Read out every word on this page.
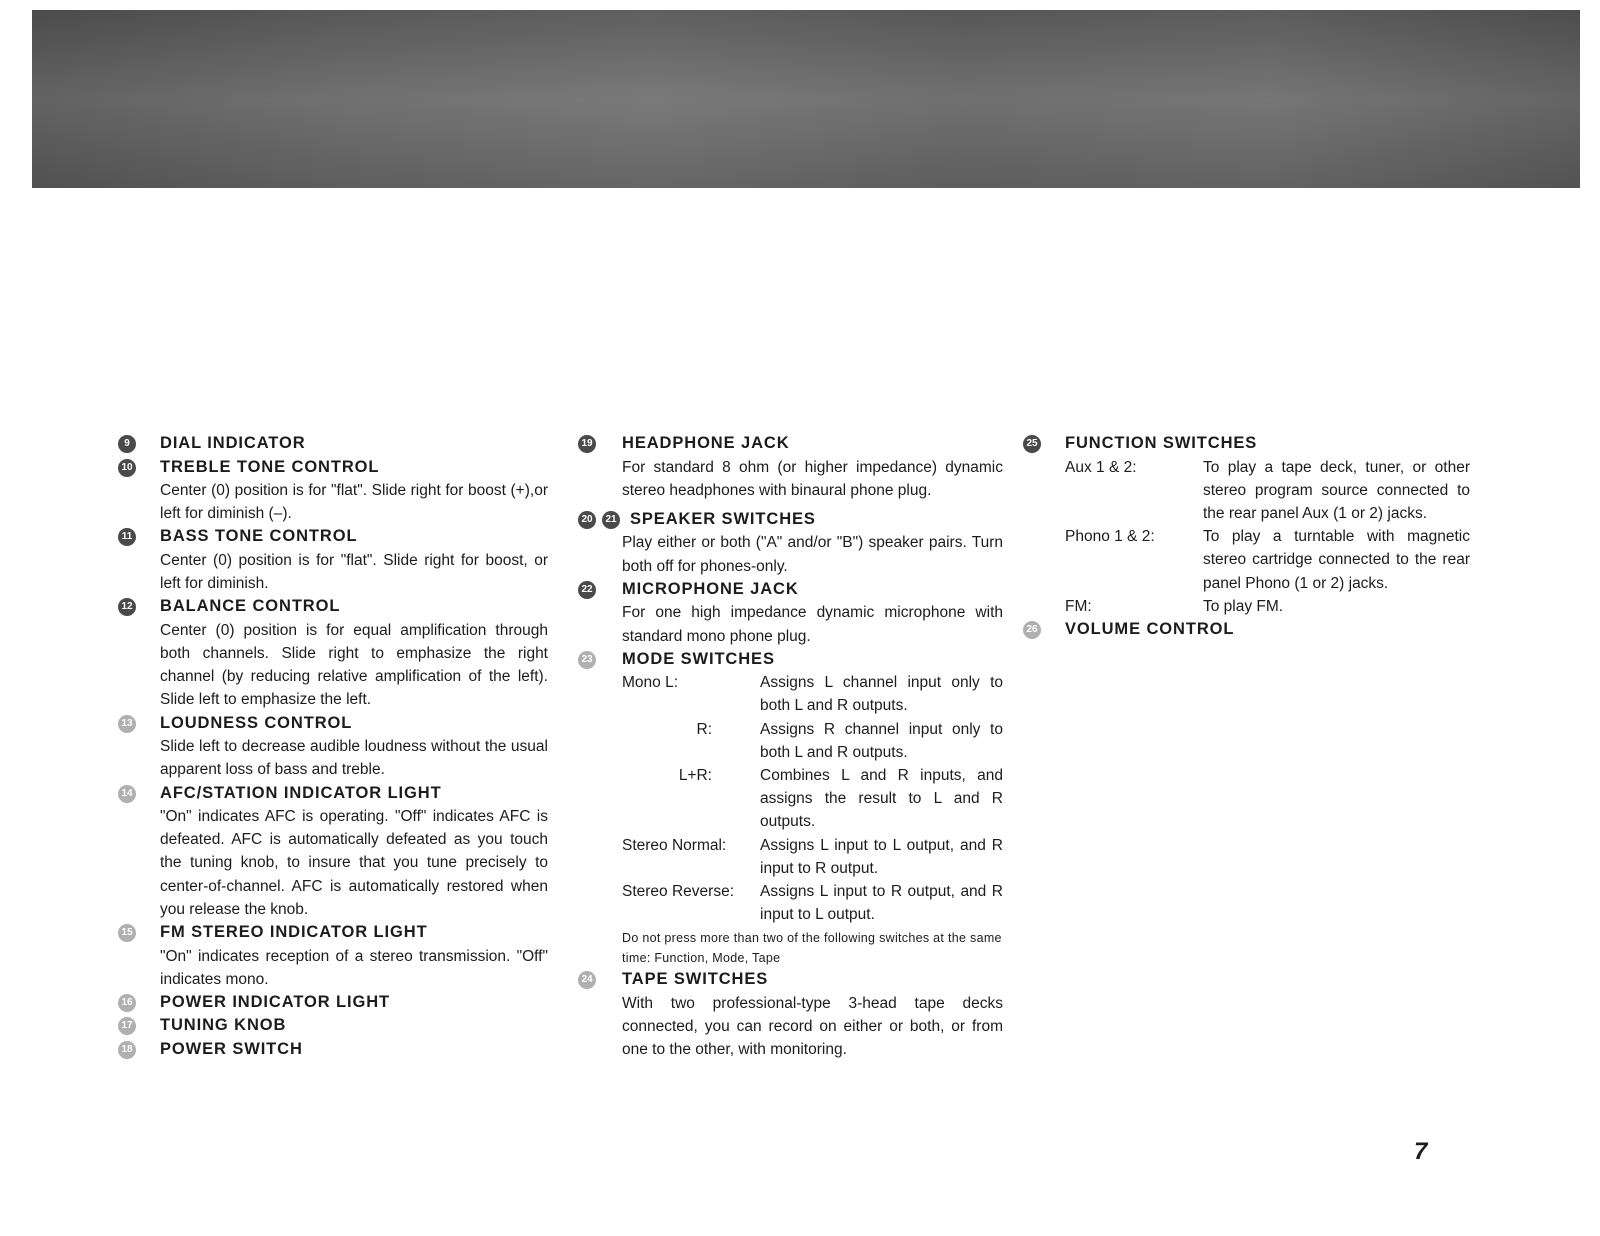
9	DIAL INDICATOR
10 TREBLE TONE CONTROL
Center (0) position is for "flat". Slide right for boost (+),or left for diminish (–).
11 BASS TONE CONTROL
Center (0) position is for "flat". Slide right for boost, or left for diminish.
12 BALANCE CONTROL
Center (0) position is for equal amplification through both channels. Slide right to emphasize the right channel (by reducing relative amplification of the left). Slide left to emphasize the left.
13 LOUDNESS CONTROL
Slide left to decrease audible loudness without the usual apparent loss of bass and treble.
14 AFC/STATION INDICATOR LIGHT
"On" indicates AFC is operating. "Off" indicates AFC is defeated. AFC is automatically defeated as you touch the tuning knob, to insure that you tune precisely to center-of-channel. AFC is automatically restored when you release the knob.
15 FM STEREO INDICATOR LIGHT
"On" indicates reception of a stereo transmission. "Off" indicates mono.
16 POWER INDICATOR LIGHT
17 TUNING KNOB
18 POWER SWITCH
19 HEADPHONE JACK
For standard 8 ohm (or higher impedance) dynamic stereo headphones with binaural phone plug.
20	21 SPEAKER SWITCHES
Play either or both ("A" and/or "B") speaker pairs. Turn both off for phones-only.
22 MICROPHONE JACK
For one high impedance dynamic microphone with standard mono phone plug.
23 MODE SWITCHES
Mono L:	Assigns L channel input only to both L and R outputs.
R:	Assigns R channel input only to both L and R outputs.
L+R:	Combines L and R inputs, and assigns the result to L and R outputs.
Stereo Normal:	Assigns L input to L output, and R input to R output.
Stereo Reverse:	Assigns L input to R output, and R input to L output.
Do not press more than two of the following switches at the same time: Function, Mode, Tape
24 TAPE SWITCHES
With two professional-type 3-head tape decks connected, you can record on either or both, or from one to the other, with monitoring.
25 FUNCTION SWITCHES
Aux 1 & 2:	To play a tape deck, tuner, or other stereo program source connected to the rear panel Aux (1 or 2) jacks.
Phono 1 & 2:	To play a turntable with magnetic stereo cartridge connected to the rear panel Phono (1 or 2) jacks.
FM:	To play FM.
26 VOLUME CONTROL
7
